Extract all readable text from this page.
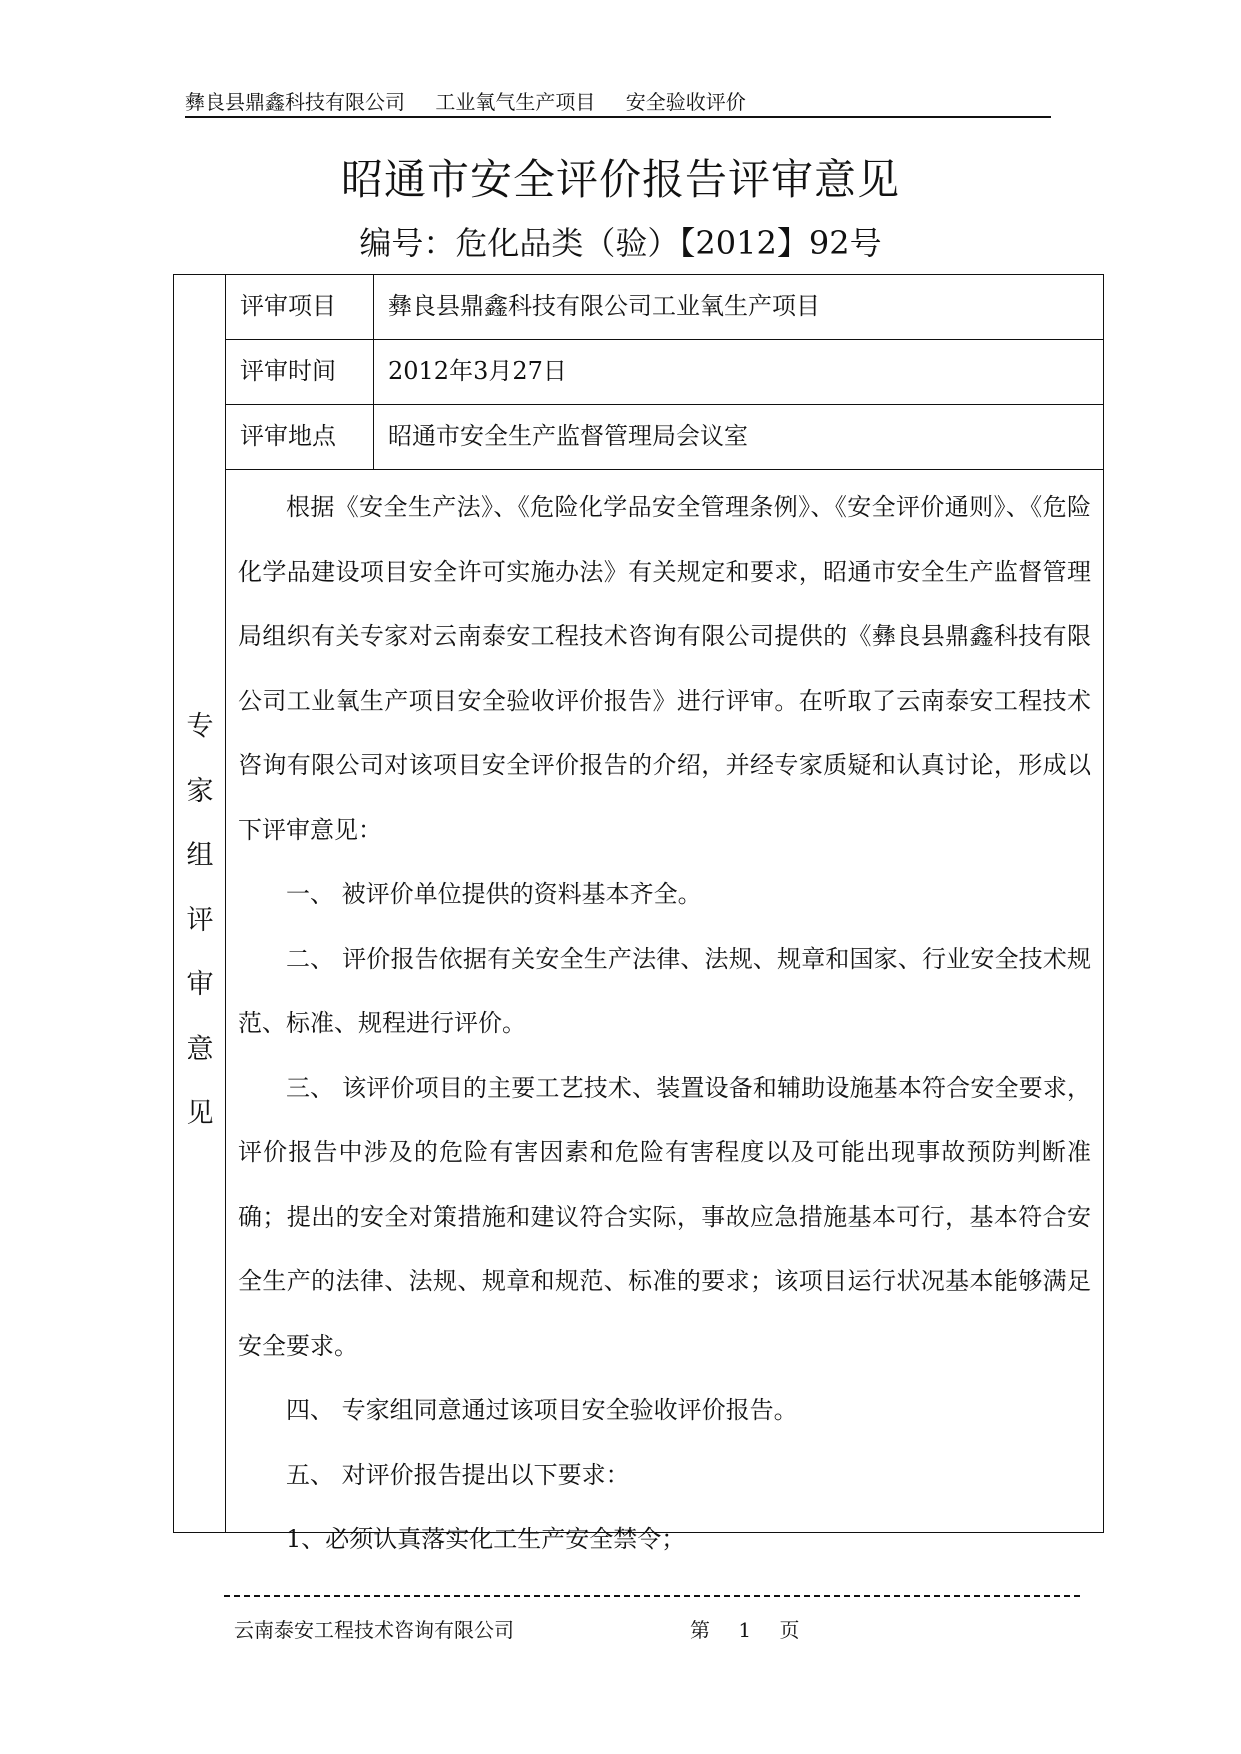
彝良县鼎鑫科技有限公司 工业氧气生产项目 安全验收评价
昭通市安全评价报告评审意见
编号：危化品类（验）【2012】92号
专
家
组
评
审
意
见
评审项目	彝良县鼎鑫科技有限公司工业氧生产项目
评审时间	2012年3月27日
评审地点	昭通市安全生产监督管理局会议室

根据《安全生产法》、《危险化学品安全管理条例》、《安全评价通则》、《危险化学品建设项目安全许可实施办法》有关规定和要求，昭通市安全生产监督管理局组织有关专家对云南泰安工程技术咨询有限公司提供的《彝良县鼎鑫科技有限公司工业氧生产项目安全验收评价报告》进行评审。在听取了云南泰安工程技术咨询有限公司对该项目安全评价报告的介绍，并经专家质疑和认真讨论，形成以下评审意见：

一、 被评价单位提供的资料基本齐全。

二、 评价报告依据有关安全生产法律、法规、规章和国家、行业安全技术规范、标准、规程进行评价。

三、 该评价项目的主要工艺技术、装置设备和辅助设施基本符合安全要求，评价报告中涉及的危险有害因素和危险有害程度以及可能出现事故预防判断准确；提出的安全对策措施和建议符合实际，事故应急措施基本可行，基本符合安全生产的法律、法规、规章和规范、标准的要求；该项目运行状况基本能够满足安全要求。

四、 专家组同意通过该项目安全验收评价报告。

五、 对评价报告提出以下要求：

1、必须认真落实化工生产安全禁令；

云南泰安工程技术咨询有限公司	第 1 页
